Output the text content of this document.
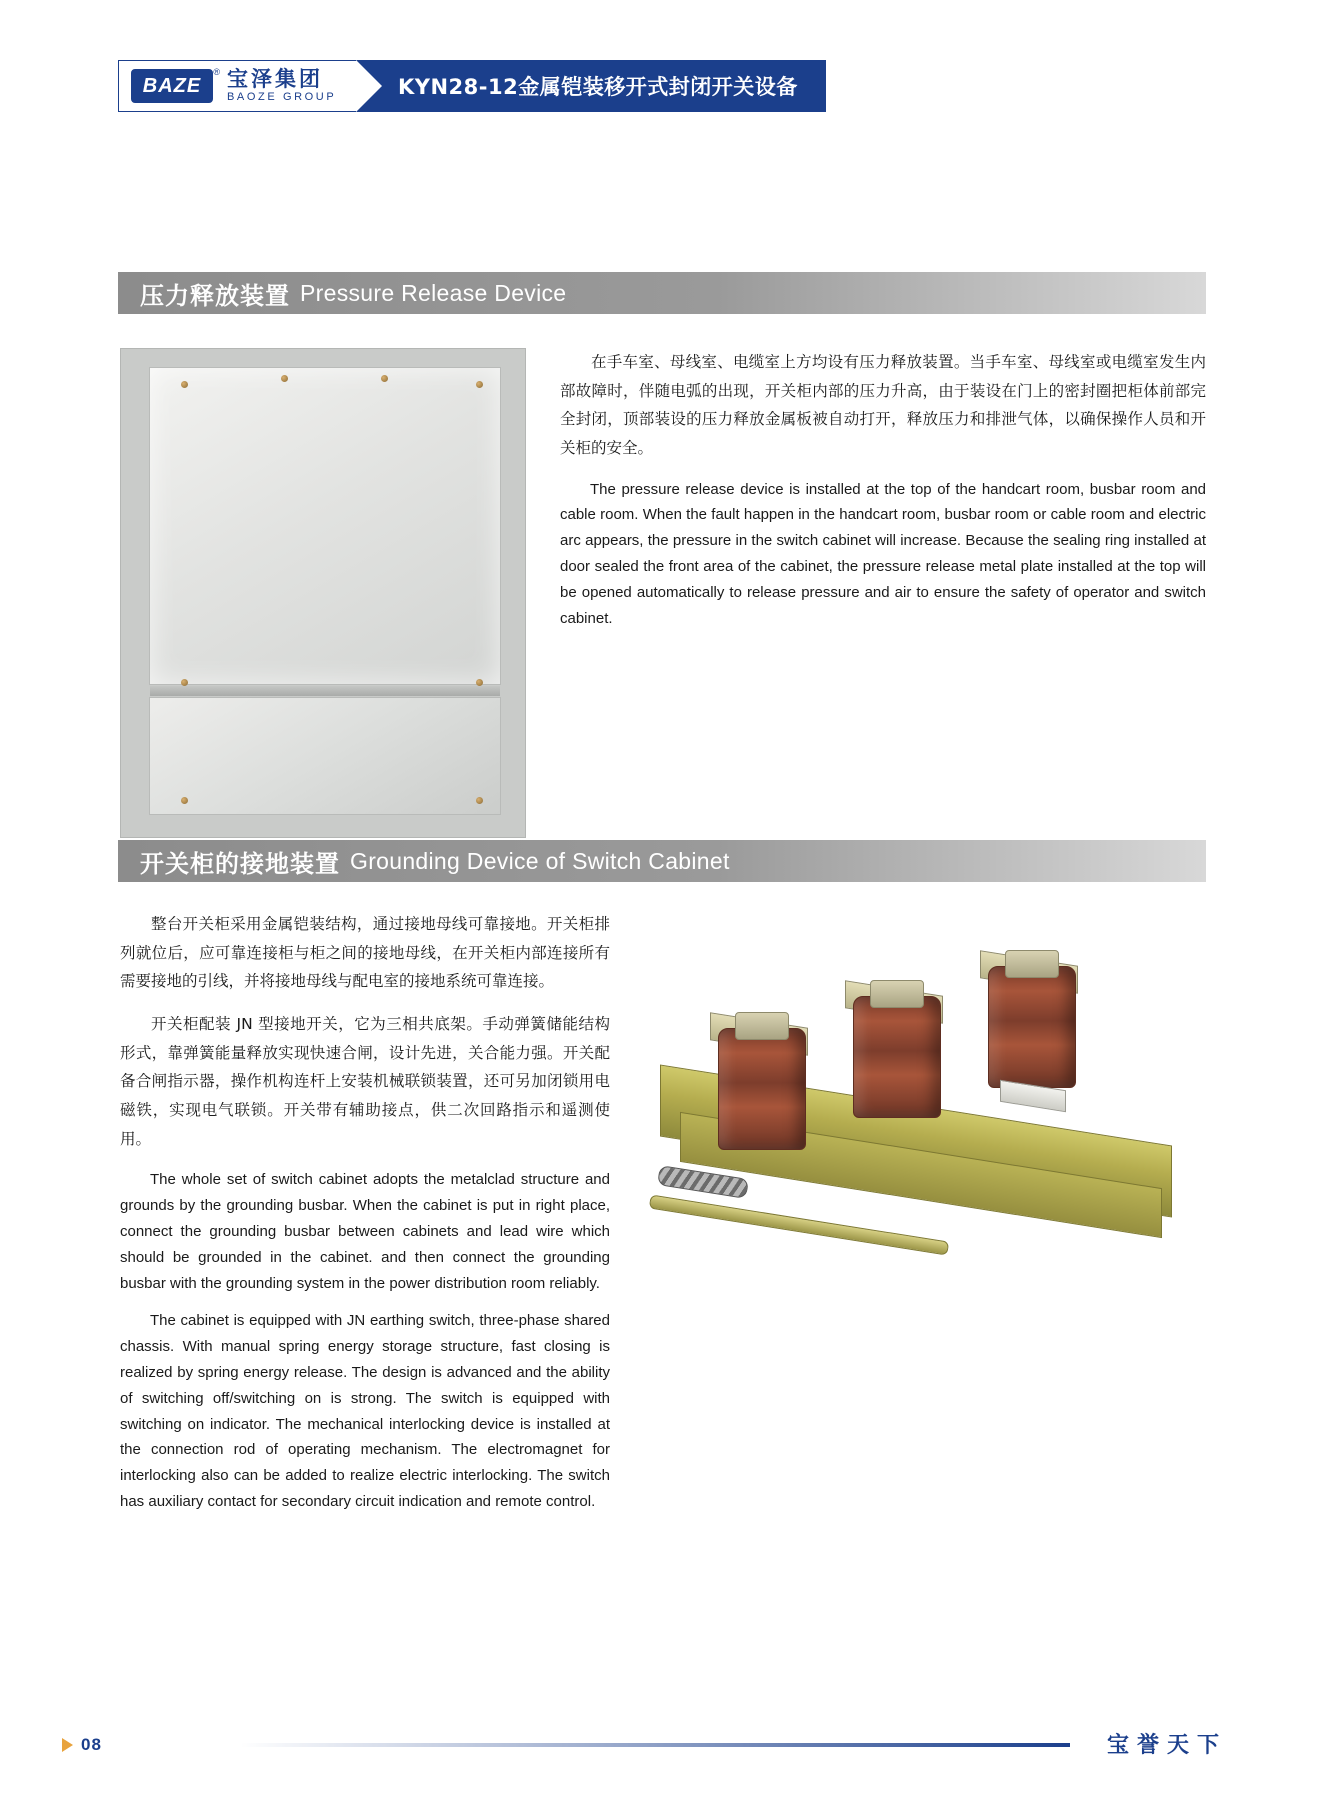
BAZE
® 宝泽集团
BAOZE GROUP	KYN28-12金属铠装移开式封闭开关设备
压力释放装置 Pressure Release Device

在手车室、母线室、电缆室上方均设有压力释放装置。当手车室、母线室或电缆室发生内部故障时，伴随电弧的出现，开关柜内部的压力升高，由于装设在门上的密封圈把柜体前部完全封闭，顶部装设的压力释放金属板被自动打开，释放压力和排泄气体，以确保操作人员和开关柜的安全。

The pressure release device is installed at the top of the handcart room, busbar room and cable room. When the fault happen in the handcart room, busbar room or cable room and electric arc appears, the pressure in the switch cabinet will increase. Because the sealing ring installed at door sealed the front area of the cabinet, the pressure release metal plate installed at the top will be opened automatically to release pressure and air to ensure the safety of operator and switch cabinet.

开关柜的接地装置 Grounding Device of Switch Cabinet

整台开关柜采用金属铠装结构，通过接地母线可靠接地。开关柜排列就位后，应可靠连接柜与柜之间的接地母线，在开关柜内部连接所有需要接地的引线，并将接地母线与配电室的接地系统可靠连接。

开关柜配装 JN 型接地开关，它为三相共底架。手动弹簧储能结构形式，靠弹簧能量释放实现快速合闸，设计先进，关合能力强。开关配备合闸指示器，操作机构连杆上安装机械联锁装置，还可另加闭锁用电磁铁，实现电气联锁。开关带有辅助接点，供二次回路指示和遥测使用。

The whole set of switch cabinet adopts the metalclad structure and grounds by the grounding busbar. When the cabinet is put in right place, connect the grounding busbar between cabinets and lead wire which should be grounded in the cabinet. and then connect the grounding busbar with the grounding system in the power distribution room reliably.

The cabinet is equipped with JN earthing switch, three-phase shared chassis. With manual spring energy storage structure, fast closing is realized by spring energy release. The design is advanced and the ability of switching off/switching on is strong. The switch is equipped with switching on indicator. The mechanical interlocking device is installed at the connection rod of operating mechanism. The electromagnet for interlocking also can be added to realize electric interlocking. The switch has auxiliary contact for secondary circuit indication and remote control.

08	宝誉天下
